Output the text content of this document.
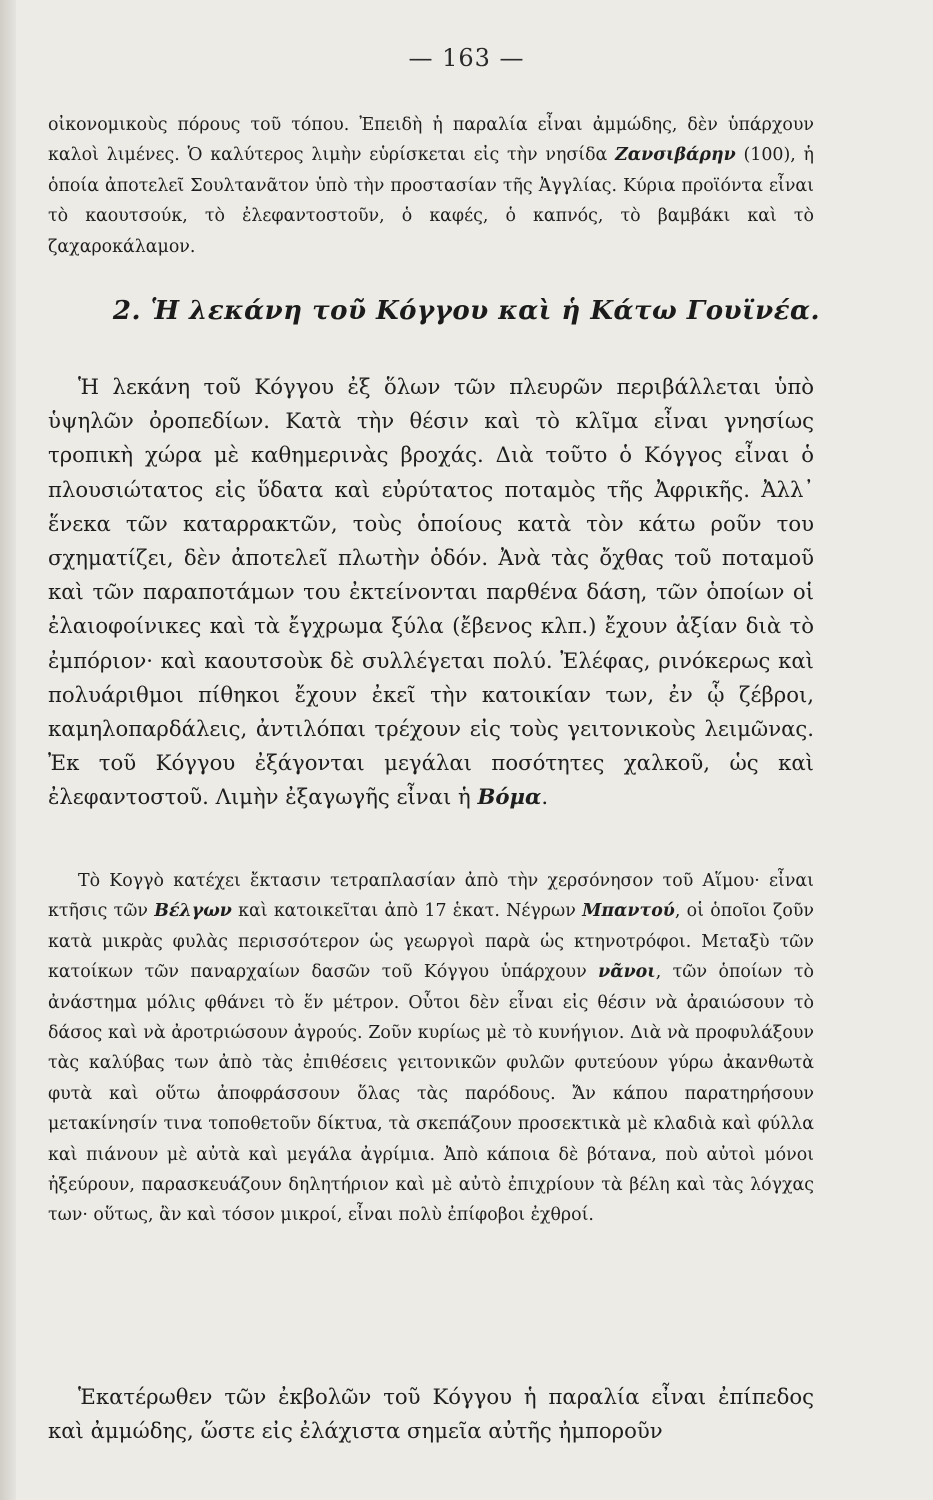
— 163 —

οἰκονομικοὺς πόρους τοῦ τόπου. Ἐπειδὴ ἡ παραλία εἶναι ἀμμώδης, δὲν ὑπάρχουν καλοὶ λιμένες. Ὁ καλύτερος λιμὴν εὑρίσκεται εἰς τὴν νησίδα Ζανσιβάρην (100), ἡ ὁποία ἀποτελεῖ Σουλτανᾶτον ὑπὸ τὴν προστασίαν τῆς Ἀγγλίας. Κύρια προϊόντα εἶναι τὸ καουτσούκ, τὸ ἐλεφαντοστοῦν, ὁ καφές, ὁ καπνός, τὸ βαμβάκι καὶ τὸ ζαχαροκάλαμον.

2. Ἡ λεκάνη τοῦ Κόγγου καὶ ἡ Κάτω Γουϊνέα.

Ἡ λεκάνη τοῦ Κόγγου ἐξ ὅλων τῶν πλευρῶν περιβάλλεται ὑπὸ ὑψηλῶν ὀροπεδίων. Κατὰ τὴν θέσιν καὶ τὸ κλῖμα εἶναι γνησίως τροπικὴ χώρα μὲ καθημερινὰς βροχάς. Διὰ τοῦτο ὁ Κόγγος εἶναι ὁ πλουσιώτατος εἰς ὕδατα καὶ εὐρύτατος ποταμὸς τῆς Ἀφρικῆς. Ἀλλ᾽ ἕνεκα τῶν καταρρακτῶν, τοὺς ὁποίους κατὰ τὸν κάτω ροῦν του σχηματίζει, δὲν ἀποτελεῖ πλωτὴν ὁδόν. Ἀνὰ τὰς ὄχθας τοῦ ποταμοῦ καὶ τῶν παραποτάμων του ἐκτείνονται παρθένα δάση, τῶν ὁποίων οἱ ἐλαιοφοίνικες καὶ τὰ ἔγχρωμα ξύλα (ἔβενος κλπ.) ἔχουν ἀξίαν διὰ τὸ ἐμπόριον· καὶ καουτσοὺκ δὲ συλλέγεται πολύ. Ἐλέφας, ρινόκερως καὶ πολυάριθμοι πίθηκοι ἔχουν ἐκεῖ τὴν κατοικίαν των, ἐν ᾧ ζέβροι, καμηλοπαρδάλεις, ἀντιλόπαι τρέχουν εἰς τοὺς γειτονικοὺς λειμῶνας. Ἐκ τοῦ Κόγγου ἐξάγονται μεγάλαι ποσότητες χαλκοῦ, ὡς καὶ ἐλεφαντοστοῦ. Λιμὴν ἐξαγωγῆς εἶναι ἡ Βόμα.

Τὸ Κογγὸ κατέχει ἔκτασιν τετραπλασίαν ἀπὸ τὴν χερσόνησον τοῦ Αἵμου· εἶναι κτῆσις τῶν Βέλγων καὶ κατοικεῖται ἀπὸ 17 ἑκατ. Νέγρων Μπαντού, οἱ ὁποῖοι ζοῦν κατὰ μικρὰς φυλὰς περισσότερον ὡς γεωργοὶ παρὰ ὡς κτηνοτρόφοι. Μεταξὺ τῶν κατοίκων τῶν παναρχαίων δασῶν τοῦ Κόγγου ὑπάρχουν νᾶνοι, τῶν ὁποίων τὸ ἀνάστημα μόλις φθάνει τὸ ἕν μέτρον. Οὗτοι δὲν εἶναι εἰς θέσιν νὰ ἀραιώσουν τὸ δάσος καὶ νὰ ἀροτριώσουν ἀγρούς. Ζοῦν κυρίως μὲ τὸ κυνήγιον. Διὰ νὰ προφυλάξουν τὰς καλύβας των ἀπὸ τὰς ἐπιθέσεις γειτονικῶν φυλῶν φυτεύουν γύρω ἀκανθωτὰ φυτὰ καὶ οὕτω ἀποφράσσουν ὅλας τὰς παρόδους. Ἄν κάπου παρατηρήσουν μετακίνησίν τινα τοποθετοῦν δίκτυα, τὰ σκεπάζουν προσεκτικὰ μὲ κλαδιὰ καὶ φύλλα καὶ πιάνουν μὲ αὐτὰ καὶ μεγάλα ἀγρίμια. Ἀπὸ κάποια δὲ βότανα, ποὺ αὐτοὶ μόνοι ἠξεύρουν, παρασκευάζουν δηλητήριον καὶ μὲ αὐτὸ ἐπιχρίουν τὰ βέλη καὶ τὰς λόγχας των· οὕτως, ἂν καὶ τόσον μικροί, εἶναι πολὺ ἐπίφοβοι ἐχθροί.

Ἑκατέρωθεν τῶν ἐκβολῶν τοῦ Κόγγου ἡ παραλία εἶναι ἐπίπεδος καὶ ἀμμώδης, ὥστε εἰς ἐλάχιστα σημεῖα αὐτῆς ἠμποροῦν
